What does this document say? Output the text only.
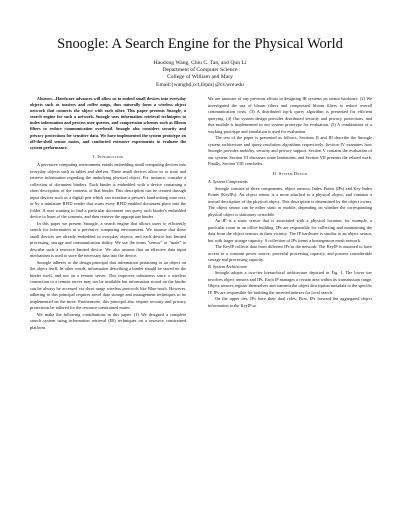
Snoogle: A Search Engine for the Physical World
Haodong Wang, Chiu C. Tan, and Qun Li
Department of Computer Science
College of William and Mary
Email:{wanghd,cct,liqun}@cs.wm.edu

Abstract—Hardware advances will allow us to embed small devices into everyday objects such as toasters and coffee mugs, thus naturally form a wireless object network that connects the object with each other. This paper presents Snoogle, a search engine for such a network. Snoogle uses information retrieval techniques to index information and process user queries, and compression schemes such as Bloom filters to reduce communication overhead. Snoogle also considers security and privacy protections for sensitive data. We have implemented the system prototype on off-the-shelf sensor motes, and conducted extensive experiments to evaluate the system performance.

I. Introduction

A pervasive computing environment entails embedding small computing devices into everyday objects such as tables and shelves. These small devices allow us to store and retrieve information regarding the underlying physical object. For instance, consider a collection of document binders. Each binder is embedded with a device containing a short description of the contents of that binder. This description can be created through input devices such as a digital pen which can translate a person's handwriting onto text, or by a miniature RFID reader that scans every RFID enabled document place into the folder. A user wanting to find a particular document can query each binder's embedded device to learn of the contents, and then retrieve the appropriate binder.

In this paper we present Snoogle, a search engine that allows users to efficiently search for information in a pervasive computing environment. We assume that these small devices are already embedded in everyday objects, and each device has limited processing, storage and communication ability. We use the terms "sensor" or "mote" to describe such a resource limited device. We also assume that an effective data input mechanism is used to store the necessary data into the device.

Snoogle adheres to the design principal that information pertaining to an object on the object itself. In other words, information describing a binder should be stored on the binder itself, and not on a remote server. This improves robustness since a wireless connection to a remote server may not be available but information stored on the binder can be always be accessed via short range wireless protocols like Blue-tooth. However, adhering to this principal requires novel data storage and management techniques to be implemented on the mote. Furthermore, this principal also require security and privacy protections be tailored for the resource constrained motes.

We make the following contributions in this paper. (1) We designed a complete search system using information retrieval (IR) techniques on a resource constrained platform.

We are unaware of any previous efforts in designing IR systems on sensor hardware. (2) We investigated the use of bloom filters and compressed bloom filters to reduce overall communication costs. (3) A distributed top-k query algorithm is presented for efficient querying. (4) Our system design provides distributed security and privacy protections, and this module is implemented in our system prototype for evaluation. (5) A combination of a working prototype and simulation is used for evaluation.

The rest of the paper is presented as follows. Sections II and III describe the Snoogle system architecture and query resolution algorithms respectively. Section IV examines how Snoogle provides mobility, security and privacy support. Section V contains the evaluation of our system. Section VI discusses some limitations, and Section VII presents the related work. Finally, Section VIII concludes.

II. System Design

A. System Components

Snoogle consists of three components: object sensors, Index Points (IPs) and Key Index Points (KeyIPs). An object sensor is a mote attached to a physical object, and contains a textual description of the physical object. This description is determined by the object owner. The object sensor can be either static or mobile, depending on whether the corresponding physical object is stationary or mobile.

An IP is a static sensor that is associated with a physical location, for example, a particular room in an office building. IPs are responsible for collecting and maintaining the data from the object sensors in their vicinity. The IP hardware is similar to an object sensor, but with larger storage capacity. A collection of IPs forms a homogenous mesh network.

The KeyIP collects data from different IPs in the network. The KeyIP is assumed to have access to a constant power source, powerful processing capacity, and possess considerable storage and processing capacity.

B. System Architecture

Snoogle adopts a two-tier hierarchical architecture depicted in Fig. 1. The lower tier involves object sensors and IPs. Each IP manages a certain area within its transmission range. Object sensors register themselves and transmit the object description metadata to the specific IP. IPs are responsible for building the inverted indexes for local search.

On the upper tier, IPs have their dual roles. First, IPs forward the aggregated object information to the KeyIP so
